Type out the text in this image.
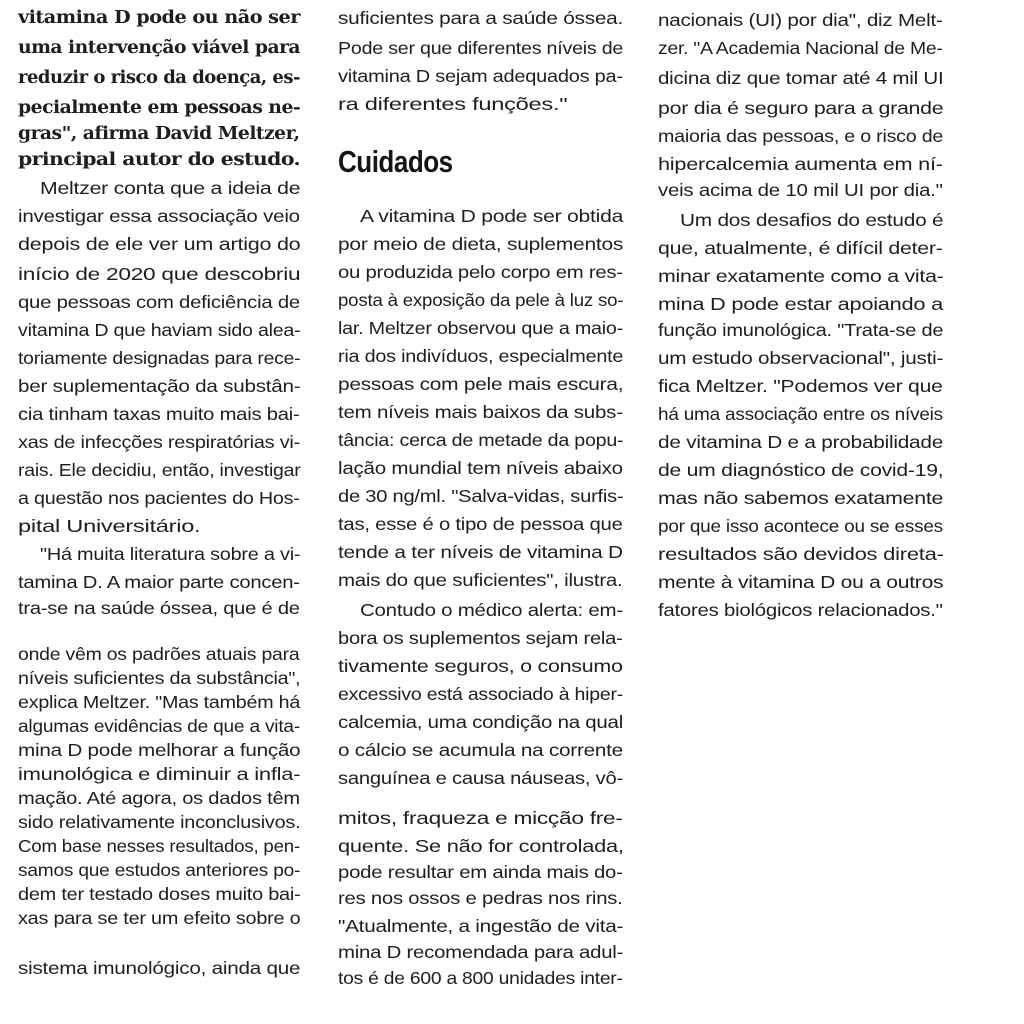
vitamina D pode ou não ser
uma intervenção viável para
reduzir o risco da doença, es-
pecialmente em pessoas ne-
gras", afirma David Meltzer,
principal autor do estudo.
Meltzer conta que a ideia de
investigar essa associação veio
depois de ele ver um artigo do
início de 2020 que descobriu
que pessoas com deficiência de
vitamina D que haviam sido alea-
toriamente designadas para rece-
ber suplementação da substân-
cia tinham taxas muito mais bai-
xas de infecções respiratórias vi-
rais. Ele decidiu, então, investigar
a questão nos pacientes do Hos-
pital Universitário.
"Há muita literatura sobre a vi-
tamina D. A maior parte concen-
tra-se na saúde óssea, que é de
onde vêm os padrões atuais para
níveis suficientes da substância",
explica Meltzer. "Mas também há
algumas evidências de que a vita-
mina D pode melhorar a função
imunológica e diminuir a infla-
mação. Até agora, os dados têm
sido relativamente inconclusivos.
Com base nesses resultados, pen-
samos que estudos anteriores po-
dem ter testado doses muito bai-
xas para se ter um efeito sobre o
sistema imunológico, ainda que
suficientes para a saúde óssea.
Pode ser que diferentes níveis de
vitamina D sejam adequados pa-
ra diferentes funções."
Cuidados
A vitamina D pode ser obtida
por meio de dieta, suplementos
ou produzida pelo corpo em res-
posta à exposição da pele à luz so-
lar. Meltzer observou que a maio-
ria dos indivíduos, especialmente
pessoas com pele mais escura,
tem níveis mais baixos da subs-
tância: cerca de metade da popu-
lação mundial tem níveis abaixo
de 30 ng/ml. "Salva-vidas, surfis-
tas, esse é o tipo de pessoa que
tende a ter níveis de vitamina D
mais do que suficientes", ilustra.
Contudo o médico alerta: em-
bora os suplementos sejam rela-
tivamente seguros, o consumo
excessivo está associado à hiper-
calcemia, uma condição na qual
o cálcio se acumula na corrente
sanguínea e causa náuseas, vô-
mitos, fraqueza e micção fre-
quente. Se não for controlada,
pode resultar em ainda mais do-
res nos ossos e pedras nos rins.
"Atualmente, a ingestão de vita-
mina D recomendada para adul-
tos é de 600 a 800 unidades inter-
nacionais (UI) por dia", diz Melt-
zer. "A Academia Nacional de Me-
dicina diz que tomar até 4 mil UI
por dia é seguro para a grande
maioria das pessoas, e o risco de
hipercalcemia aumenta em ní-
veis acima de 10 mil UI por dia."
Um dos desafios do estudo é
que, atualmente, é difícil deter-
minar exatamente como a vita-
mina D pode estar apoiando a
função imunológica. "Trata-se de
um estudo observacional", justi-
fica Meltzer. "Podemos ver que
há uma associação entre os níveis
de vitamina D e a probabilidade
de um diagnóstico de covid-19,
mas não sabemos exatamente
por que isso acontece ou se esses
resultados são devidos direta-
mente à vitamina D ou a outros
fatores biológicos relacionados."
